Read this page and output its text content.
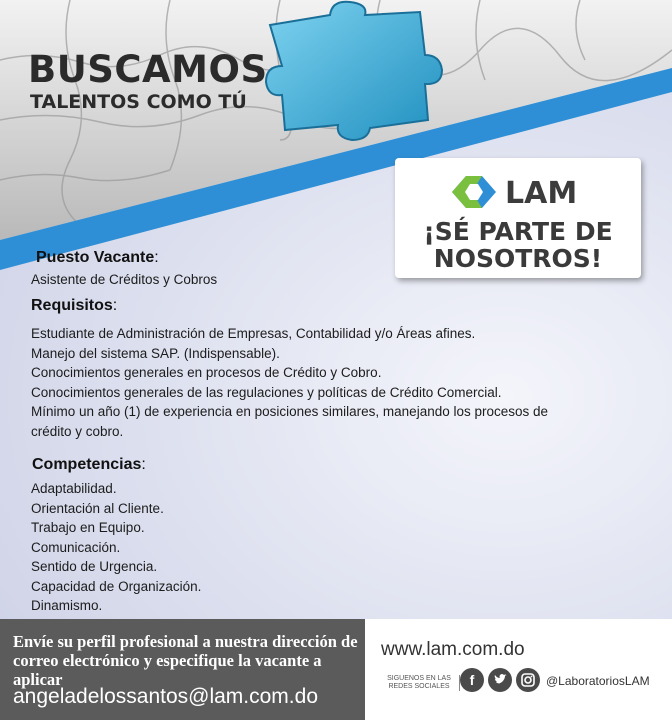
BUSCAMOS
TALENTOS COMO TÚ
LAM
¡SÉ PARTE DE
NOSOTROS!
Puesto Vacante:
Asistente de Créditos y Cobros
Requisitos:
Estudiante de Administración de Empresas, Contabilidad y/o Áreas afines.
Manejo del sistema SAP. (Indispensable).
Conocimientos generales en procesos de Crédito y Cobro.
Conocimientos generales de las regulaciones y políticas de Crédito Comercial.
Mínimo un año (1) de experiencia en posiciones similares, manejando los procesos de
crédito y cobro.
Competencias:
Adaptabilidad.
Orientación al Cliente.
Trabajo en Equipo.
Comunicación.
Sentido de Urgencia.
Capacidad de Organización.
Dinamismo.
Envíe su perfil profesional a nuestra dirección de correo electrónico y especifique la vacante a aplicar
angeladelossantos@lam.com.do
www.lam.com.do
SIGUENOS EN LAS
REDES SOCIALES	f	@LaboratoriosLAM
